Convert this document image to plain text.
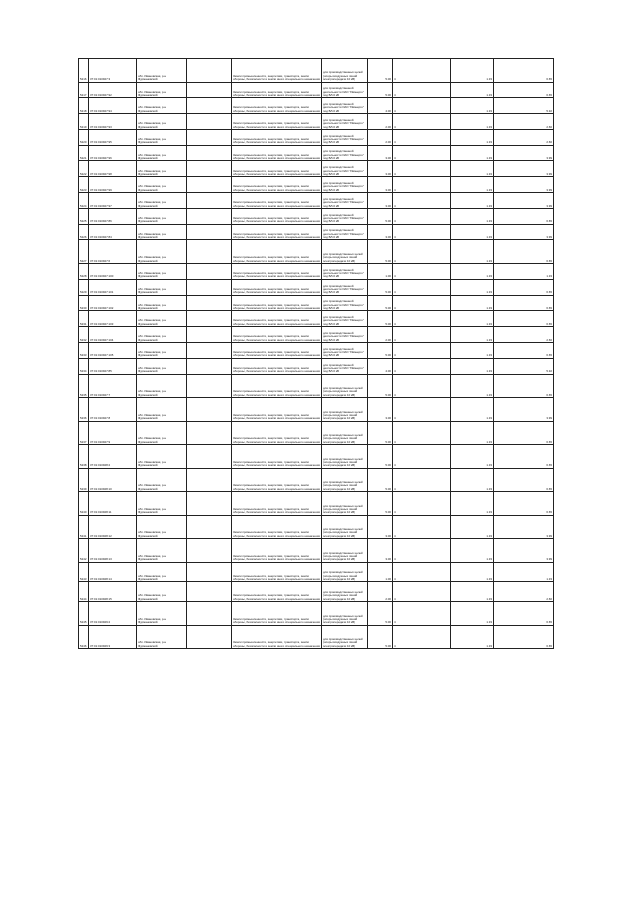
5216	37:01:010927:3	обл. Ивановская, р-н Фурмановский		Земли промышленности, энергетики, транспорта, земли обороны, безопасности и земли иного специального назначения	для производственных целей (опоры воздушных линий электропередачи 10 кВ)	5.00	4	1.33	6.65
5217	37:01:010927:92	обл. Ивановская, р-н Фурмановский		Земли промышленности, энергетики, транспорта, земли обороны, безопасности и земли иного специального назначения	для производственной деятельности ОАО "Ивэнерго" под ВЛ-6 кВ	5.00	4	1.33	6.65
5218	37:01:010927:94	обл. Ивановская, р-н Фурмановский		Земли промышленности, энергетики, транспорта, земли обороны, безопасности и земли иного специального назначения	для производственной деятельности ОАО "Ивэнерго" под ВЛ-6 кВ	4.00	4	1.33	5.32
5219	37:01:010927:93	обл. Ивановская, р-н Фурмановский		Земли промышленности, энергетики, транспорта, земли обороны, безопасности и земли иного специального назначения	для производственной деятельности ОАО "Ивэнерго" под ВЛ-6 кВ	2.00	4	1.33	2.66
5220	37:01:010927:95	обл. Ивановская, р-н Фурмановский		Земли промышленности, энергетики, транспорта, земли обороны, безопасности и земли иного специального назначения	для производственной деятельности ОАО "Ивэнерго" под ВЛ-6 кВ	2.00	4	1.33	2.66
5221	37:01:010927:96	обл. Ивановская, р-н Фурмановский		Земли промышленности, энергетики, транспорта, земли обороны, безопасности и земли иного специального назначения	для производственной деятельности ОАО "Ивэнерго" под ВЛ-6 кВ	3.00	4	1.33	3.99
5222	37:01:010927:98	обл. Ивановская, р-н Фурмановский		Земли промышленности, энергетики, транспорта, земли обороны, безопасности и земли иного специального назначения	для производственной деятельности ОАО "Ивэнерго" под ВЛ-6 кВ	3.00	4	1.33	3.99
5223	37:01:010927:99	обл. Ивановская, р-н Фурмановский		Земли промышленности, энергетики, транспорта, земли обороны, безопасности и земли иного специального назначения	для производственной деятельности ОАО "Ивэнерго" под ВЛ-6 кВ	3.00	4	1.33	3.99
5224	37:01:010927:97	обл. Ивановская, р-н Фурмановский		Земли промышленности, энергетики, транспорта, земли обороны, безопасности и земли иного специального назначения	для производственной деятельности ОАО "Ивэнерго" под ВЛ-6 кВ	3.00	4	1.33	3.99
5225	37:01:010927:86	обл. Ивановская, р-н Фурмановский		Земли промышленности, энергетики, транспорта, земли обороны, безопасности и земли иного специального назначения	для производственной деятельности ОАО "Ивэнерго" под ВЛ-6 кВ	5.00	4	1.33	6.65
5226	37:01:010927:84	обл. Ивановская, р-н Фурмановский		Земли промышленности, энергетики, транспорта, земли обороны, безопасности и земли иного специального назначения	для производственной деятельности ОАО "Ивэнерго" под ВЛ-6 кВ	3.00	4	1.33	3.99
5227	37:01:010927:6	обл. Ивановская, р-н Фурмановский		Земли промышленности, энергетики, транспорта, земли обороны, безопасности и земли иного специального назначения	для производственных целей (опоры воздушных линий электропередачи 10 кВ)	5.00	4	1.33	6.65
5228	37:01:010927:100	обл. Ивановская, р-н Фурмановский		Земли промышленности, энергетики, транспорта, земли обороны, безопасности и земли иного специального назначения	для производственной деятельности ОАО "Ивэнерго" под ВЛ-6 кВ	1.00	4	1.33	1.33
5229	37:01:010927:101	обл. Ивановская, р-н Фурмановский		Земли промышленности, энергетики, транспорта, земли обороны, безопасности и земли иного специального назначения	для производственной деятельности ОАО "Ивэнерго" под ВЛ-6 кВ	5.00	4	1.33	6.65
5230	37:01:010927:102	обл. Ивановская, р-н Фурмановский		Земли промышленности, энергетики, транспорта, земли обороны, безопасности и земли иного специального назначения	для производственной деятельности ОАО "Ивэнерго" под ВЛ-6 кВ	5.00	4	1.33	6.65
5231	37:01:010927:103	обл. Ивановская, р-н Фурмановский		Земли промышленности, энергетики, транспорта, земли обороны, безопасности и земли иного специального назначения	для производственной деятельности ОАО "Ивэнерго" под ВЛ-6 кВ	5.00	4	1.33	6.65
5232	37:01:010927:104	обл. Ивановская, р-н Фурмановский		Земли промышленности, энергетики, транспорта, земли обороны, безопасности и земли иного специального назначения	для производственной деятельности ОАО "Ивэнерго" под ВЛ-6 кВ	2.00	4	1.33	2.66
5233	37:01:010927:105	обл. Ивановская, р-н Фурмановский		Земли промышленности, энергетики, транспорта, земли обороны, безопасности и земли иного специального назначения	для производственной деятельности ОАО "Ивэнерго" под ВЛ-6 кВ	5.00	4	1.33	6.65
5234	37:01:010927:85	обл. Ивановская, р-н Фурмановский		Земли промышленности, энергетики, транспорта, земли обороны, безопасности и земли иного специального назначения	для производственной деятельности ОАО "Ивэнерго" под ВЛ-6 кВ	4.00	4	1.33	5.32
5235	37:01:010927:7	обл. Ивановская, р-н Фурмановский		Земли промышленности, энергетики, транспорта, земли обороны, безопасности и земли иного специального назначения	для производственных целей (опоры воздушных линий электропередачи 10 кВ)	5.00	4	1.33	6.65
5236	37:01:010927:8	обл. Ивановская, р-н Фурмановский		Земли промышленности, энергетики, транспорта, земли обороны, безопасности и земли иного специального назначения	для производственных целей (опоры воздушных линий электропередачи 10 кВ)	3.00	4	1.33	3.99
5237	37:01:010927:9	обл. Ивановская, р-н Фурмановский		Земли промышленности, энергетики, транспорта, земли обороны, безопасности и земли иного специального назначения	для производственных целей (опоры воздушных линий электропередачи 10 кВ)	5.00	4	1.33	6.65
5238	37:01:010928:2	обл. Ивановская, р-н Фурмановский		Земли промышленности, энергетики, транспорта, земли обороны, безопасности и земли иного специального назначения	для производственных целей (опоры воздушных линий электропередачи 10 кВ)	5.00	4	1.33	6.65
5239	37:01:010928:10	обл. Ивановская, р-н Фурмановский		Земли промышленности, энергетики, транспорта, земли обороны, безопасности и земли иного специального назначения	для производственных целей (опоры воздушных линий электропередачи 10 кВ)	5.00	4	1.33	6.65
5240	37:01:010928:11	обл. Ивановская, р-н Фурмановский		Земли промышленности, энергетики, транспорта, земли обороны, безопасности и земли иного специального назначения	для производственных целей (опоры воздушных линий электропередачи 10 кВ)	5.00	4	1.33	6.65
5241	37:01:010928:12	обл. Ивановская, р-н Фурмановский		Земли промышленности, энергетики, транспорта, земли обороны, безопасности и земли иного специального назначения	для производственных целей (опоры воздушных линий электропередачи 10 кВ)	3.00	4	1.33	3.99
5242	37:01:010928:13	обл. Ивановская, р-н Фурмановский		Земли промышленности, энергетики, транспорта, земли обороны, безопасности и земли иного специального назначения	для производственных целей (опоры воздушных линий электропередачи 10 кВ)	3.00	4	1.33	3.99
5243	37:01:010928:14	обл. Ивановская, р-н Фурмановский		Земли промышленности, энергетики, транспорта, земли обороны, безопасности и земли иного специального назначения	для производственных целей (опоры воздушных линий электропередачи 10 кВ)	1.00	4	1.33	1.33
5244	37:01:010928:15	обл. Ивановская, р-н Фурмановский		Земли промышленности, энергетики, транспорта, земли обороны, безопасности и земли иного специального назначения	для производственных целей (опоры воздушных линий электропередачи 10 кВ)	2.00	4	1.33	2.66
5245	37:01:010929:2	обл. Ивановская, р-н Фурмановский		Земли промышленности, энергетики, транспорта, земли обороны, безопасности и земли иного специального назначения	для производственных целей (опоры воздушных линий электропередачи 10 кВ)	5.00	4	1.33	6.65
5246	37:01:010929:3	обл. Ивановская, р-н Фурмановский		Земли промышленности, энергетики, транспорта, земли обороны, безопасности и земли иного специального назначения	для производственных целей (опоры воздушных линий электропередачи 10 кВ)	5.00	4	1.33	6.65
